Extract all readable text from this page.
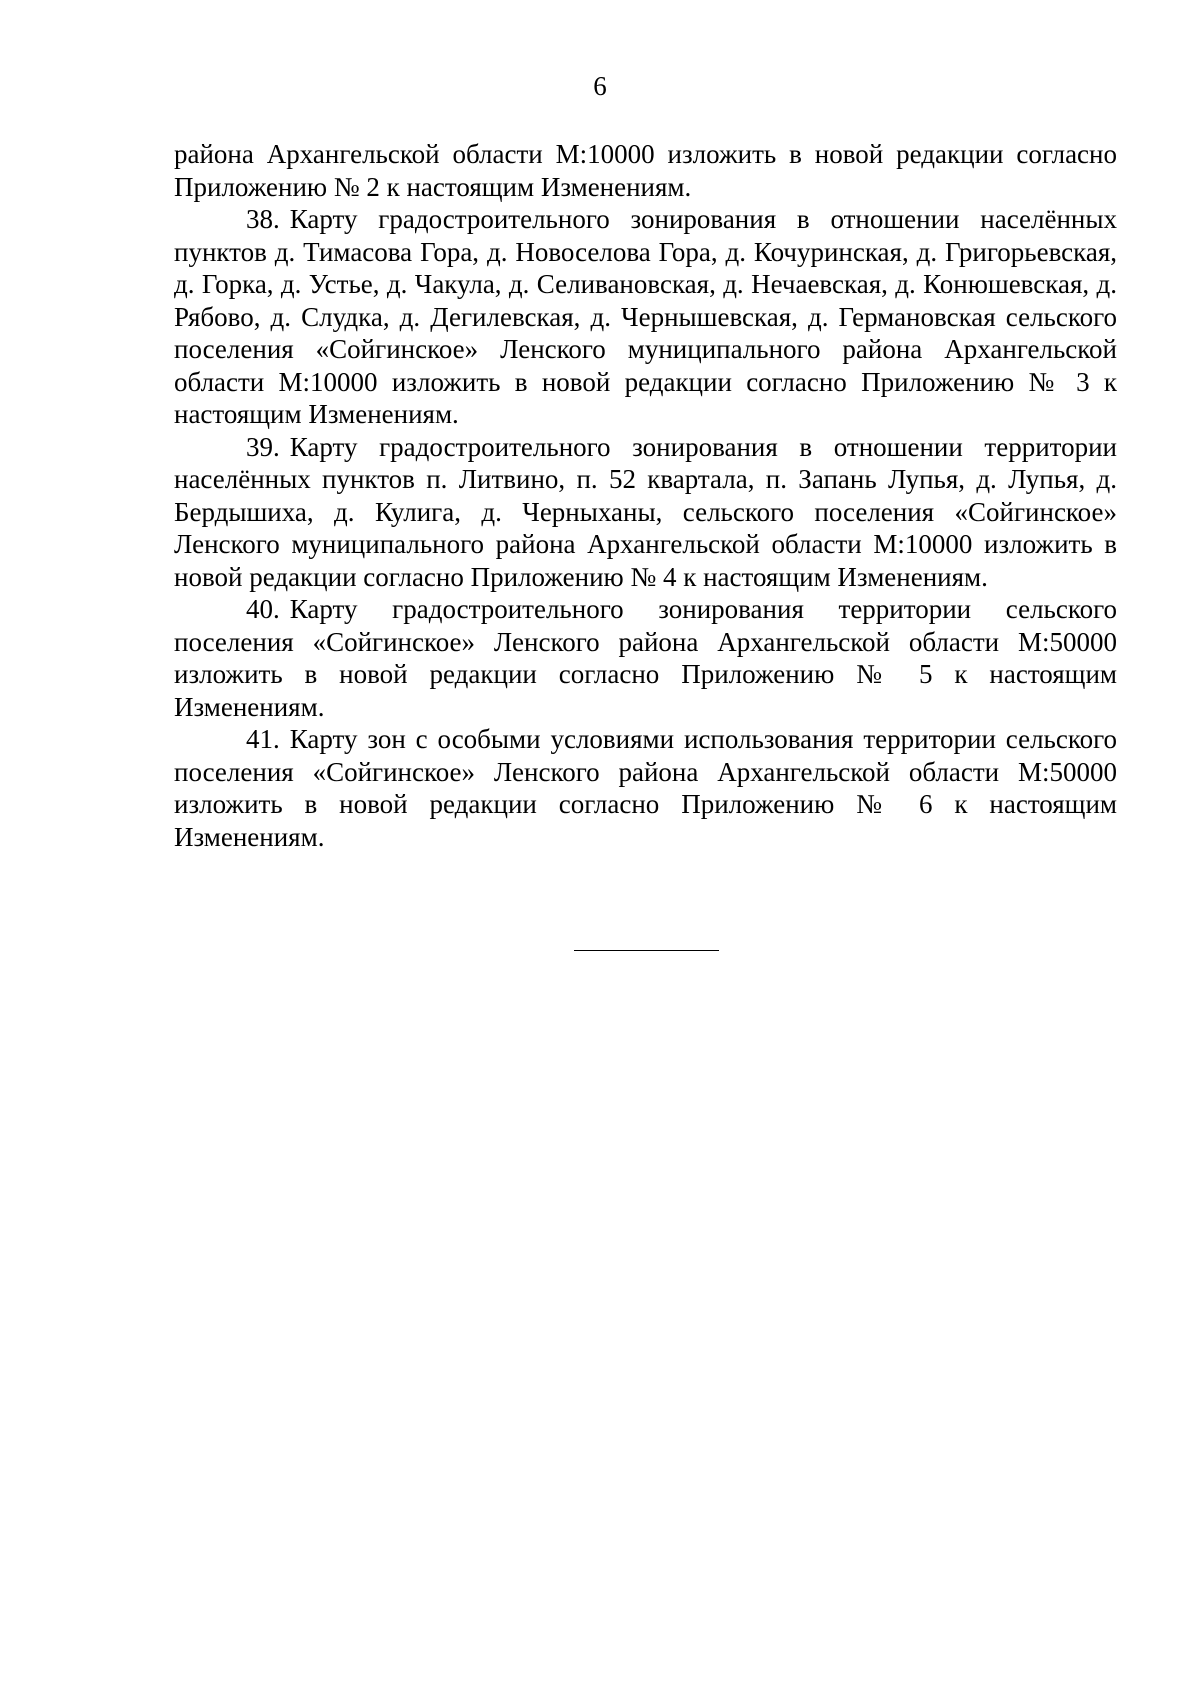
6

района Архангельской области М:10000 изложить в новой редакции согласно Приложению № 2 к настоящим Изменениям.

38. Карту градостроительного зонирования в отношении населённых пунктов д. Тимасова Гора, д. Новоселова Гора, д. Кочуринская, д. Григорьевская, д. Горка, д. Устье, д. Чакула, д. Селивановская, д. Нечаевская, д. Конюшевская, д. Рябово, д. Слудка, д. Дегилевская, д. Чернышевская, д. Германовская сельского поселения «Сойгинское» Ленского муниципального района Архангельской области М:10000 изложить в новой редакции согласно Приложению № 3 к настоящим Изменениям.

39. Карту градостроительного зонирования в отношении территории населённых пунктов п. Литвино, п. 52 квартала, п. Запань Лупья, д. Лупья, д. Бердышиха, д. Кулига, д. Черныханы, сельского поселения «Сойгинское» Ленского муниципального района Архангельской области М:10000 изложить в новой редакции согласно Приложению № 4 к настоящим Изменениям.

40. Карту градостроительного зонирования территории сельского поселения «Сойгинское» Ленского района Архангельской области М:50000 изложить в новой редакции согласно Приложению № 5 к настоящим Изменениям.

41. Карту зон с особыми условиями использования территории сельского поселения «Сойгинское» Ленского района Архангельской области М:50000 изложить в новой редакции согласно Приложению № 6 к настоящим Изменениям.
